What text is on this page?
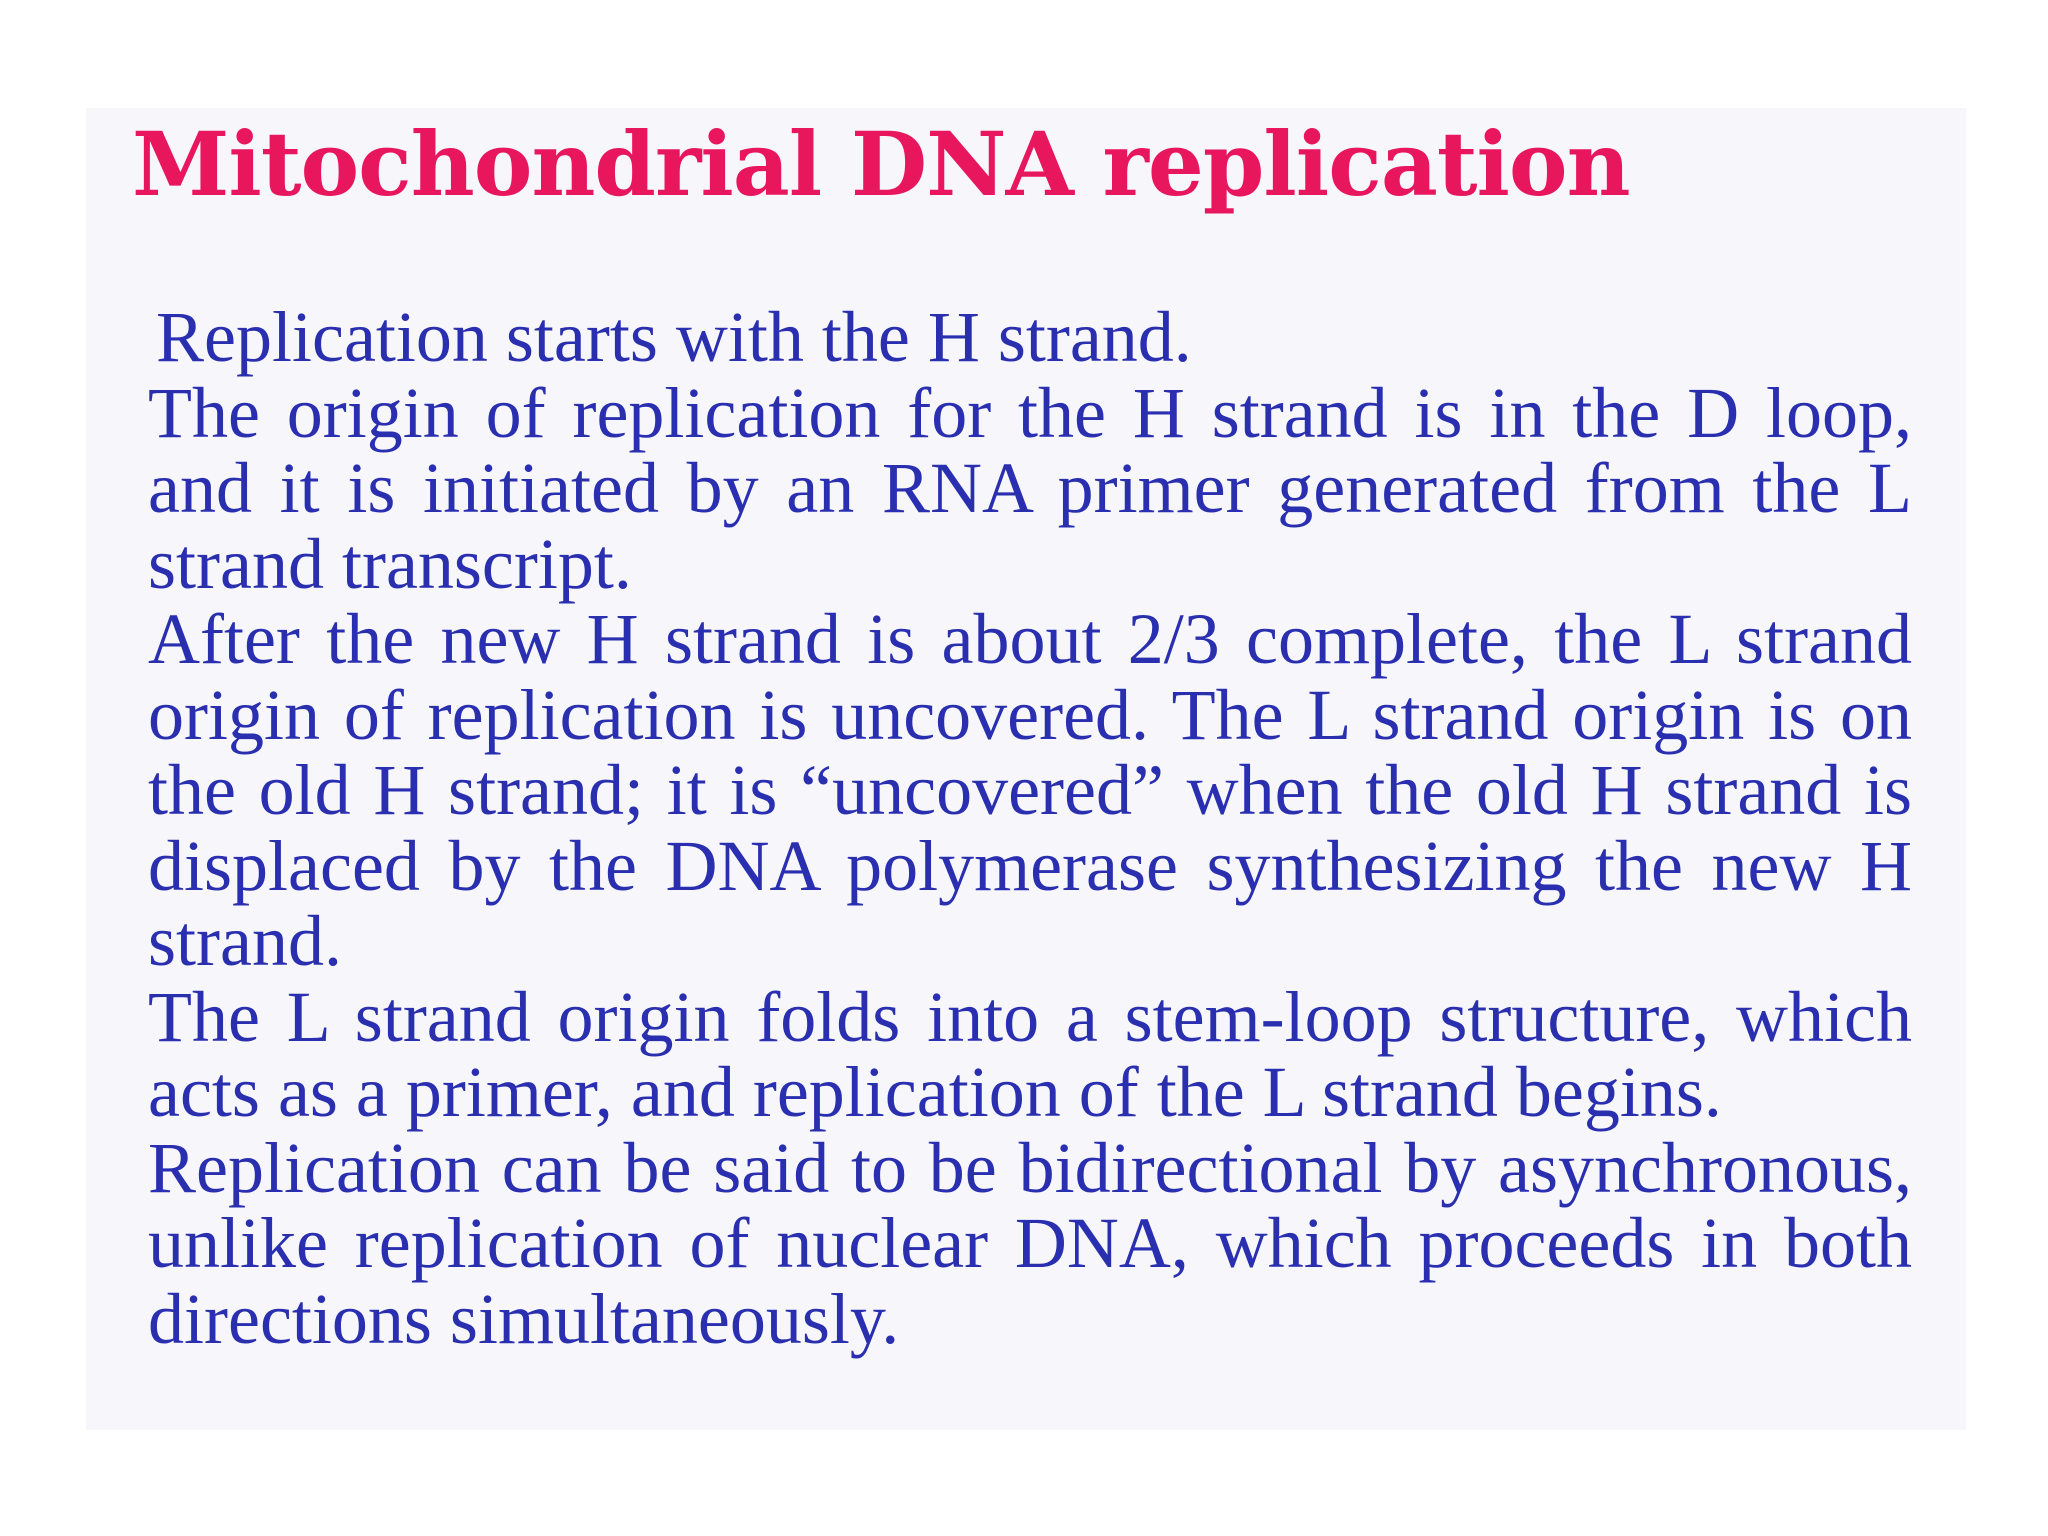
Mitochondrial DNA replication

Replication starts with the H strand.

The origin of replication for the H strand is in the D loop, and it is initiated by an RNA primer generated from the L strand transcript.

After the new H strand is about 2/3 complete, the L strand origin of replication is uncovered. The L strand origin is on the old H strand; it is “uncovered” when the old H strand is displaced by the DNA polymerase synthesizing the new H strand.

The L strand origin folds into a stem-loop structure, which acts as a primer, and replication of the L strand begins.

Replication can be said to be bidirectional by asynchronous, unlike replication of nuclear DNA, which proceeds in both directions simultaneously.
